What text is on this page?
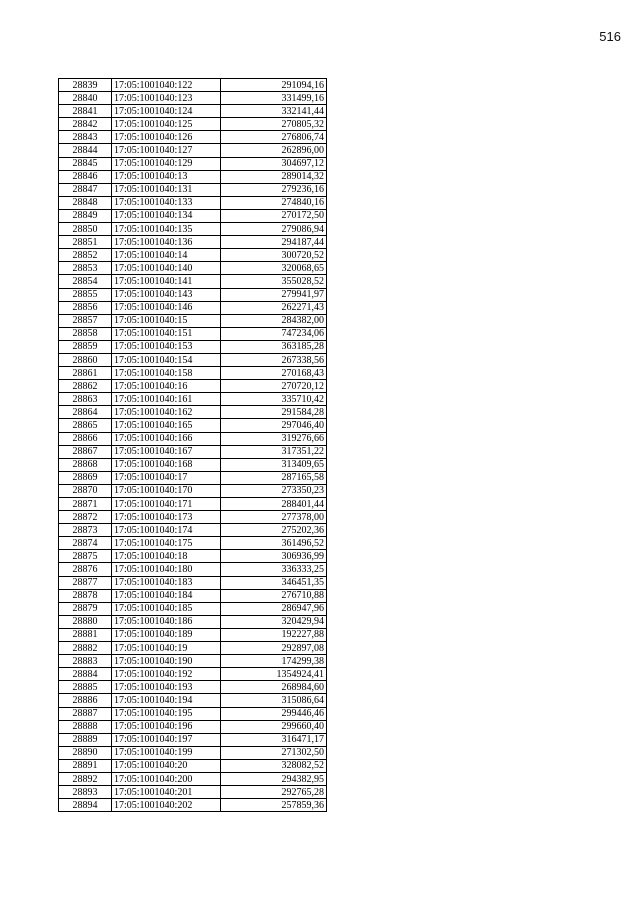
516
28839	17:05:1001040:122	291094,16
28840	17:05:1001040:123	331499,16
28841	17:05:1001040:124	332141,44
28842	17:05:1001040:125	270805,32
28843	17:05:1001040:126	276806,74
28844	17:05:1001040:127	262896,00
28845	17:05:1001040:129	304697,12
28846	17:05:1001040:13	289014,32
28847	17:05:1001040:131	279236,16
28848	17:05:1001040:133	274840,16
28849	17:05:1001040:134	270172,50
28850	17:05:1001040:135	279086,94
28851	17:05:1001040:136	294187,44
28852	17:05:1001040:14	300720,52
28853	17:05:1001040:140	320068,65
28854	17:05:1001040:141	355028,52
28855	17:05:1001040:143	279941,97
28856	17:05:1001040:146	262271,43
28857	17:05:1001040:15	284382,00
28858	17:05:1001040:151	747234,06
28859	17:05:1001040:153	363185,28
28860	17:05:1001040:154	267338,56
28861	17:05:1001040:158	270168,43
28862	17:05:1001040:16	270720,12
28863	17:05:1001040:161	335710,42
28864	17:05:1001040:162	291584,28
28865	17:05:1001040:165	297046,40
28866	17:05:1001040:166	319276,66
28867	17:05:1001040:167	317351,22
28868	17:05:1001040:168	313409,65
28869	17:05:1001040:17	287165,58
28870	17:05:1001040:170	273350,23
28871	17:05:1001040:171	288401,44
28872	17:05:1001040:173	277378,00
28873	17:05:1001040:174	275202,36
28874	17:05:1001040:175	361496,52
28875	17:05:1001040:18	306936,99
28876	17:05:1001040:180	336333,25
28877	17:05:1001040:183	346451,35
28878	17:05:1001040:184	276710,88
28879	17:05:1001040:185	286947,96
28880	17:05:1001040:186	320429,94
28881	17:05:1001040:189	192227,88
28882	17:05:1001040:19	292897,08
28883	17:05:1001040:190	174299,38
28884	17:05:1001040:192	1354924,41
28885	17:05:1001040:193	268984,60
28886	17:05:1001040:194	315086,64
28887	17:05:1001040:195	299446,46
28888	17:05:1001040:196	299660,40
28889	17:05:1001040:197	316471,17
28890	17:05:1001040:199	271302,50
28891	17:05:1001040:20	328082,52
28892	17:05:1001040:200	294382,95
28893	17:05:1001040:201	292765,28
28894	17:05:1001040:202	257859,36
